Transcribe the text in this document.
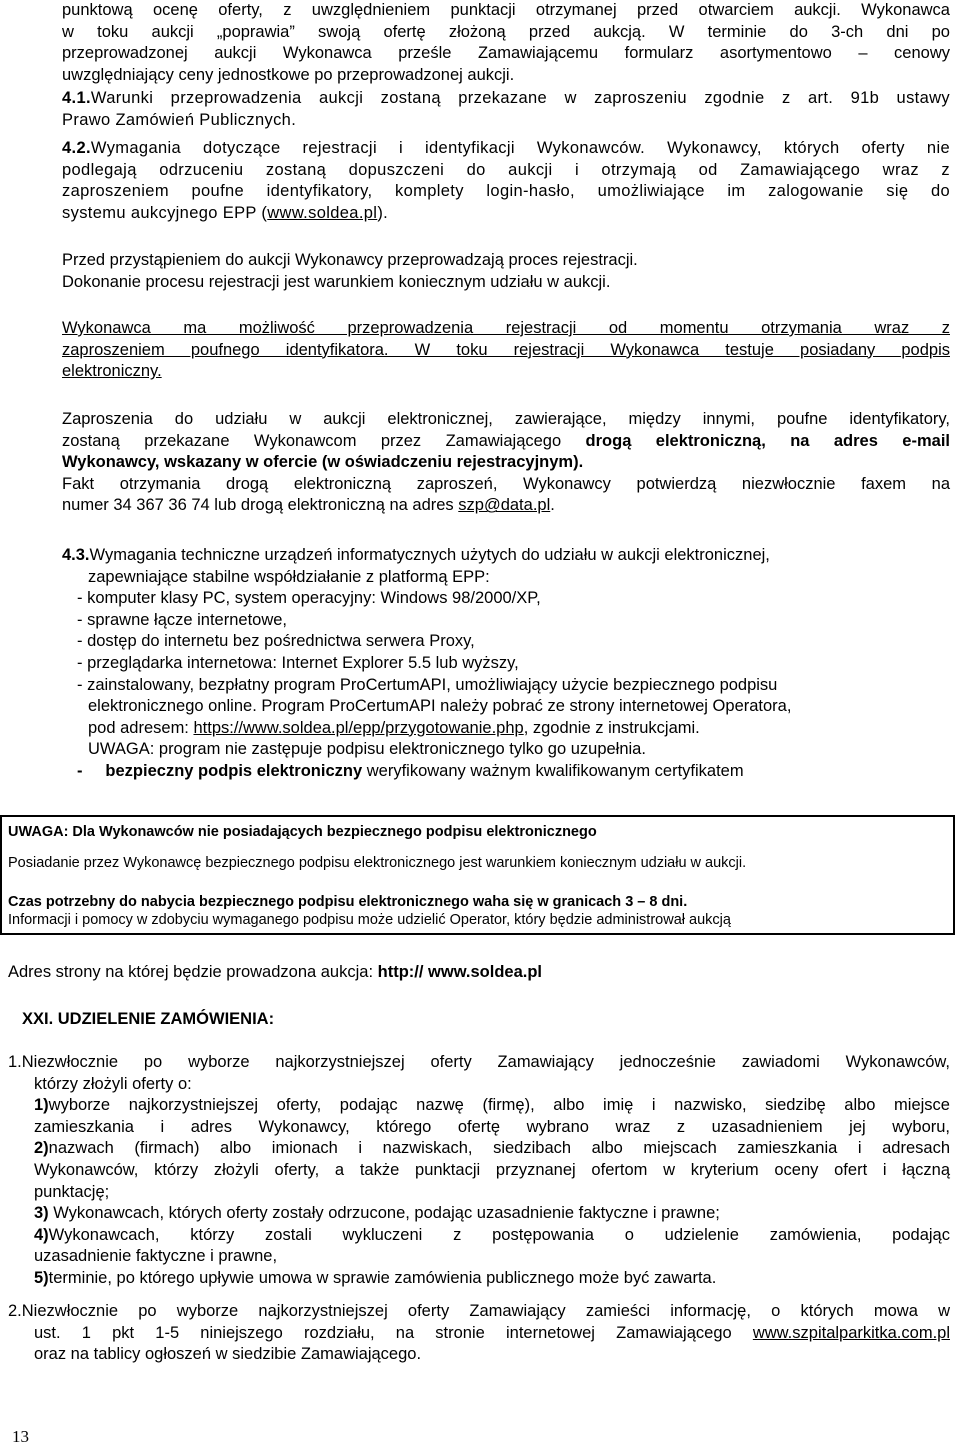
punktową ocenę oferty, z uwzględnieniem punktacji otrzymanej przed otwarciem aukcji. Wykonawca

w toku aukcji „poprawia” swoją ofertę złożoną przed aukcją. W terminie do 3-ch dni po

przeprowadzonej aukcji Wykonawca prześle Zamawiającemu formularz asortymentowo – cenowy

uwzględniający ceny jednostkowe po przeprowadzonej aukcji.

4.1.Warunki przeprowadzenia aukcji zostaną przekazane w zaproszeniu zgodnie z art. 91b ustawy

Prawo Zamówień Publicznych.

4.2.Wymagania dotyczące rejestracji i identyfikacji Wykonawców. Wykonawcy, których oferty nie

podlegają odrzuceniu zostaną dopuszczeni do aukcji i otrzymają od Zamawiającego wraz z

zaproszeniem poufne identyfikatory, komplety login-hasło, umożliwiające im zalogowanie się do

systemu aukcyjnego EPP (www.soldea.pl).

Przed przystąpieniem do aukcji Wykonawcy przeprowadzają proces rejestracji.

Dokonanie procesu rejestracji jest warunkiem koniecznym udziału w aukcji.

Wykonawca ma możliwość przeprowadzenia rejestracji od momentu otrzymania wraz z

zaproszeniem poufnego identyfikatora. W toku rejestracji Wykonawca testuje posiadany podpis

elektroniczny.

Zaproszenia do udziału w aukcji elektronicznej, zawierające, między innymi, poufne identyfikatory,

zostaną przekazane Wykonawcom przez Zamawiającego drogą elektroniczną, na adres e-mail

Wykonawcy, wskazany w ofercie (w oświadczeniu rejestracyjnym).

Fakt otrzymania drogą elektroniczną zaproszeń, Wykonawcy potwierdzą niezwłocznie faxem na

numer 34 367 36 74 lub drogą elektroniczną na adres szp@data.pl.

4.3.Wymagania techniczne urządzeń informatycznych użytych do udziału w aukcji elektronicznej,

zapewniające stabilne współdziałanie z platformą EPP:

- komputer klasy PC, system operacyjny: Windows 98/2000/XP,

- sprawne łącze internetowe,

- dostęp do internetu bez pośrednictwa serwera Proxy,

- przeglądarka internetowa: Internet Explorer 5.5 lub wyższy,

- zainstalowany, bezpłatny program ProCertumAPI, umożliwiający użycie bezpiecznego podpisu

elektronicznego online. Program ProCertumAPI należy pobrać ze strony internetowej Operatora,

pod adresem: https://www.soldea.pl/epp/przygotowanie.php, zgodnie z instrukcjami.

UWAGA: program nie zastępuje podpisu elektronicznego tylko go uzupełnia.

- bezpieczny podpis elektroniczny weryfikowany ważnym kwalifikowanym certyfikatem

UWAGA: Dla Wykonawców nie posiadających bezpiecznego podpisu elektronicznego
Posiadanie przez Wykonawcę bezpiecznego podpisu elektronicznego jest warunkiem koniecznym udziału w aukcji.
Czas potrzebny do nabycia bezpiecznego podpisu elektronicznego waha się w granicach 3 – 8 dni.
Informacji i pomocy w zdobyciu wymaganego podpisu może udzielić Operator, który będzie administrował aukcją
Adres strony na której będzie prowadzona aukcja: http:// www.soldea.pl
XXI. UDZIELENIE ZAMÓWIENIA:

1.Niezwłocznie po wyborze najkorzystniejszej oferty Zamawiający jednocześnie zawiadomi Wykonawców,

którzy złożyli oferty o:

1)wyborze najkorzystniejszej oferty, podając nazwę (firmę), albo imię i nazwisko, siedzibę albo miejsce

zamieszkania i adres Wykonawcy, którego ofertę wybrano wraz z uzasadnieniem jej wyboru,

2)nazwach (firmach) albo imionach i nazwiskach, siedzibach albo miejscach zamieszkania i adresach

Wykonawców, którzy złożyli oferty, a także punktacji przyznanej ofertom w kryterium oceny ofert i łączną

punktację;

3) Wykonawcach, których oferty zostały odrzucone, podając uzasadnienie faktyczne i prawne;

4)Wykonawcach, którzy zostali wykluczeni z postępowania o udzielenie zamówienia, podając

uzasadnienie faktyczne i prawne,

5)terminie, po którego upływie umowa w sprawie zamówienia publicznego może być zawarta.

2.Niezwłocznie po wyborze najkorzystniejszej oferty Zamawiający zamieści informację, o których mowa w

ust. 1 pkt 1-5 niniejszego rozdziału, na stronie internetowej Zamawiającego www.szpitalparkitka.com.pl

oraz na tablicy ogłoszeń w siedzibie Zamawiającego.

13
